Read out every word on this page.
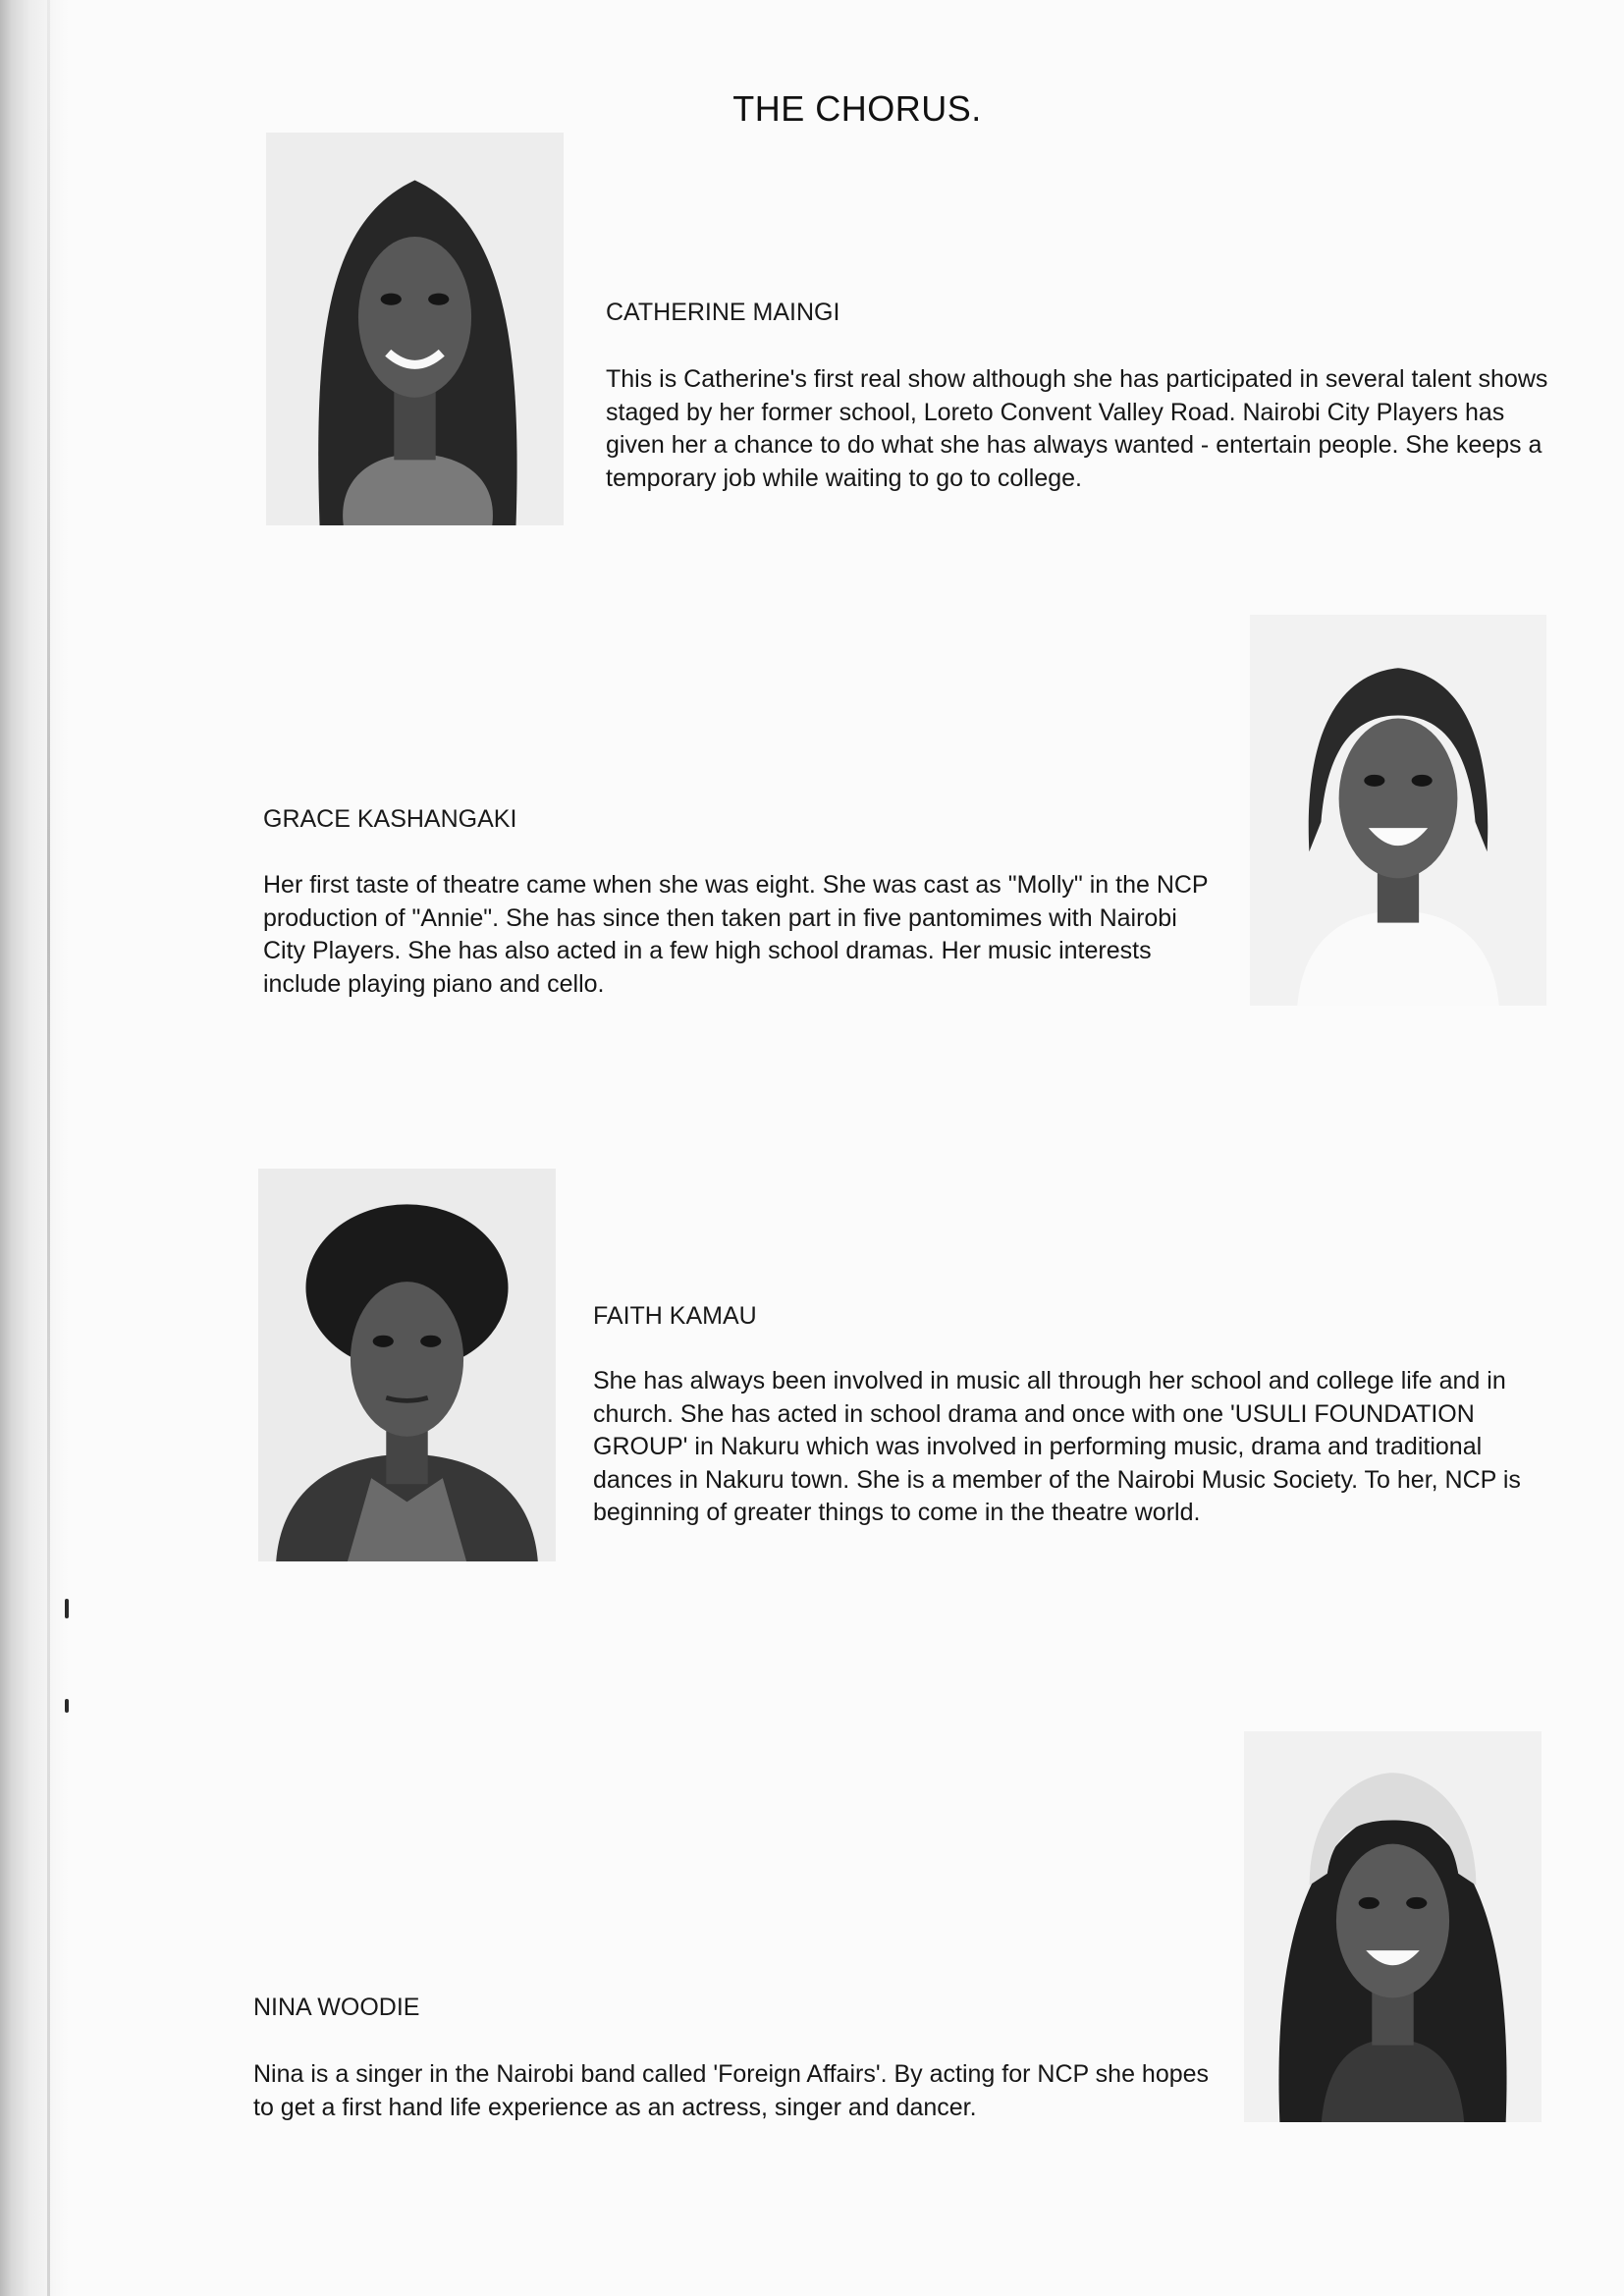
THE CHORUS.
CATHERINE MAINGI

This is Catherine's first real show although she has participated in several talent shows staged by her former school, Loreto Convent Valley Road. Nairobi City Players has given her a chance to do what she has always wanted - entertain people. She keeps a temporary job while waiting to go to college.

GRACE KASHANGAKI

Her first taste of theatre came when she was eight. She was cast as "Molly" in the NCP production of "Annie". She has since then taken part in five pantomimes with Nairobi City Players. She has also acted in a few high school dramas. Her music interests include playing piano and cello.

FAITH KAMAU

She has always been involved in music all through her school and college life and in church. She has acted in school drama and once with one 'USULI FOUNDATION GROUP' in Nakuru which was involved in performing music, drama and traditional dances in Nakuru town. She is a member of the Nairobi Music Society. To her, NCP is beginning of greater things to come in the theatre world.

NINA WOODIE

Nina is a singer in the Nairobi band called 'Foreign Affairs'. By acting for NCP she hopes to get a first hand life experience as an actress, singer and dancer.
